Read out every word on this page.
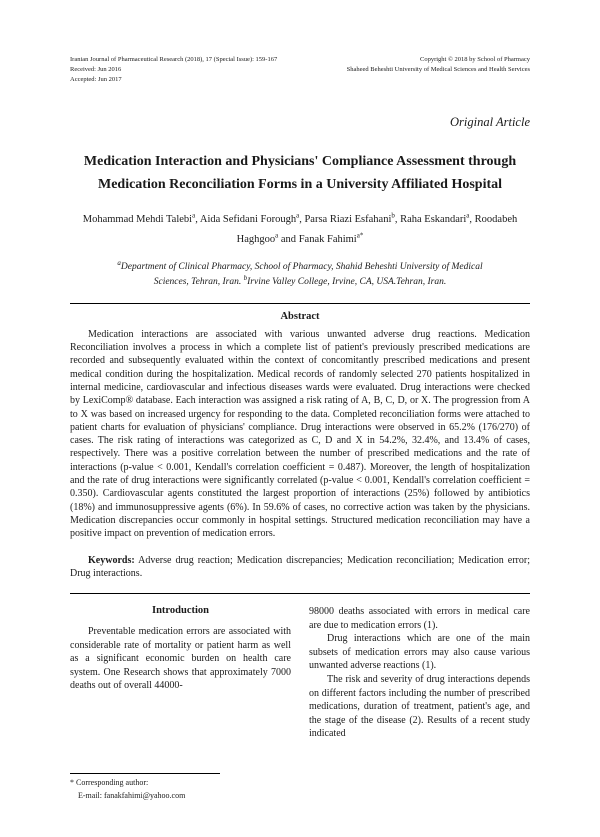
Iranian Journal of Pharmaceutical Research (2018), 17 (Special Issue): 159-167
Received: Jun 2016
Accepted: Jun 2017
Copyright © 2018 by School of Pharmacy
Shaheed Beheshti University of Medical Sciences and Health Services
Original Article
Medication Interaction and Physicians' Compliance Assessment through Medication Reconciliation Forms in a University Affiliated Hospital
Mohammad Mehdi Talebi$^a$, Aida Sefidani Forough$^a$, Parsa Riazi Esfahani$^b$, Raha Eskandari$^a$, Roodabeh Haghgoo$^a$ and Fanak Fahimi$^{a*}$
$^a$Department of Clinical Pharmacy, School of Pharmacy, Shahid Beheshti University of Medical Sciences, Tehran, Iran. $^b$Irvine Valley College, Irvine, CA, USA.Tehran, Iran.
Abstract

Medication interactions are associated with various unwanted adverse drug reactions. Medication Reconciliation involves a process in which a complete list of patient's previously prescribed medications are recorded and subsequently evaluated within the context of concomitantly prescribed medications and present medical condition during the hospitalization. Medical records of randomly selected 270 patients hospitalized in internal medicine, cardiovascular and infectious diseases wards were evaluated. Drug interactions were checked by LexiComp® database. Each interaction was assigned a risk rating of A, B, C, D, or X. The progression from A to X was based on increased urgency for responding to the data. Completed reconciliation forms were attached to patient charts for evaluation of physicians' compliance. Drug interactions were observed in 65.2% (176/270) of cases. The risk rating of interactions was categorized as C, D and X in 54.2%, 32.4%, and 13.4% of cases, respectively. There was a positive correlation between the number of prescribed medications and the rate of interactions (p-value < 0.001, Kendall's correlation coefficient = 0.487). Moreover, the length of hospitalization and the rate of drug interactions were significantly correlated (p-value < 0.001, Kendall's correlation coefficient = 0.350). Cardiovascular agents constituted the largest proportion of interactions (25%) followed by antibiotics (18%) and immunosuppressive agents (6%). In 59.6% of cases, no corrective action was taken by the physicians. Medication discrepancies occur commonly in hospital settings. Structured medication reconciliation may have a positive impact on prevention of medication errors.

Keywords: Adverse drug reaction; Medication discrepancies; Medication reconciliation; Medication error; Drug interactions.

Introduction

Preventable medication errors are associated with considerable rate of mortality or patient harm as well as a significant economic burden on health care system. One Research shows that approximately 7000 deaths out of overall 44000-

98000 deaths associated with errors in medical care are due to medication errors (1).

Drug interactions which are one of the main subsets of medication errors may also cause various unwanted adverse reactions (1).

The risk and severity of drug interactions depends on different factors including the number of prescribed medications, duration of treatment, patient's age, and the stage of the disease (2). Results of a recent study indicated

* Corresponding author:
E-mail: fanakfahimi@yahoo.com
